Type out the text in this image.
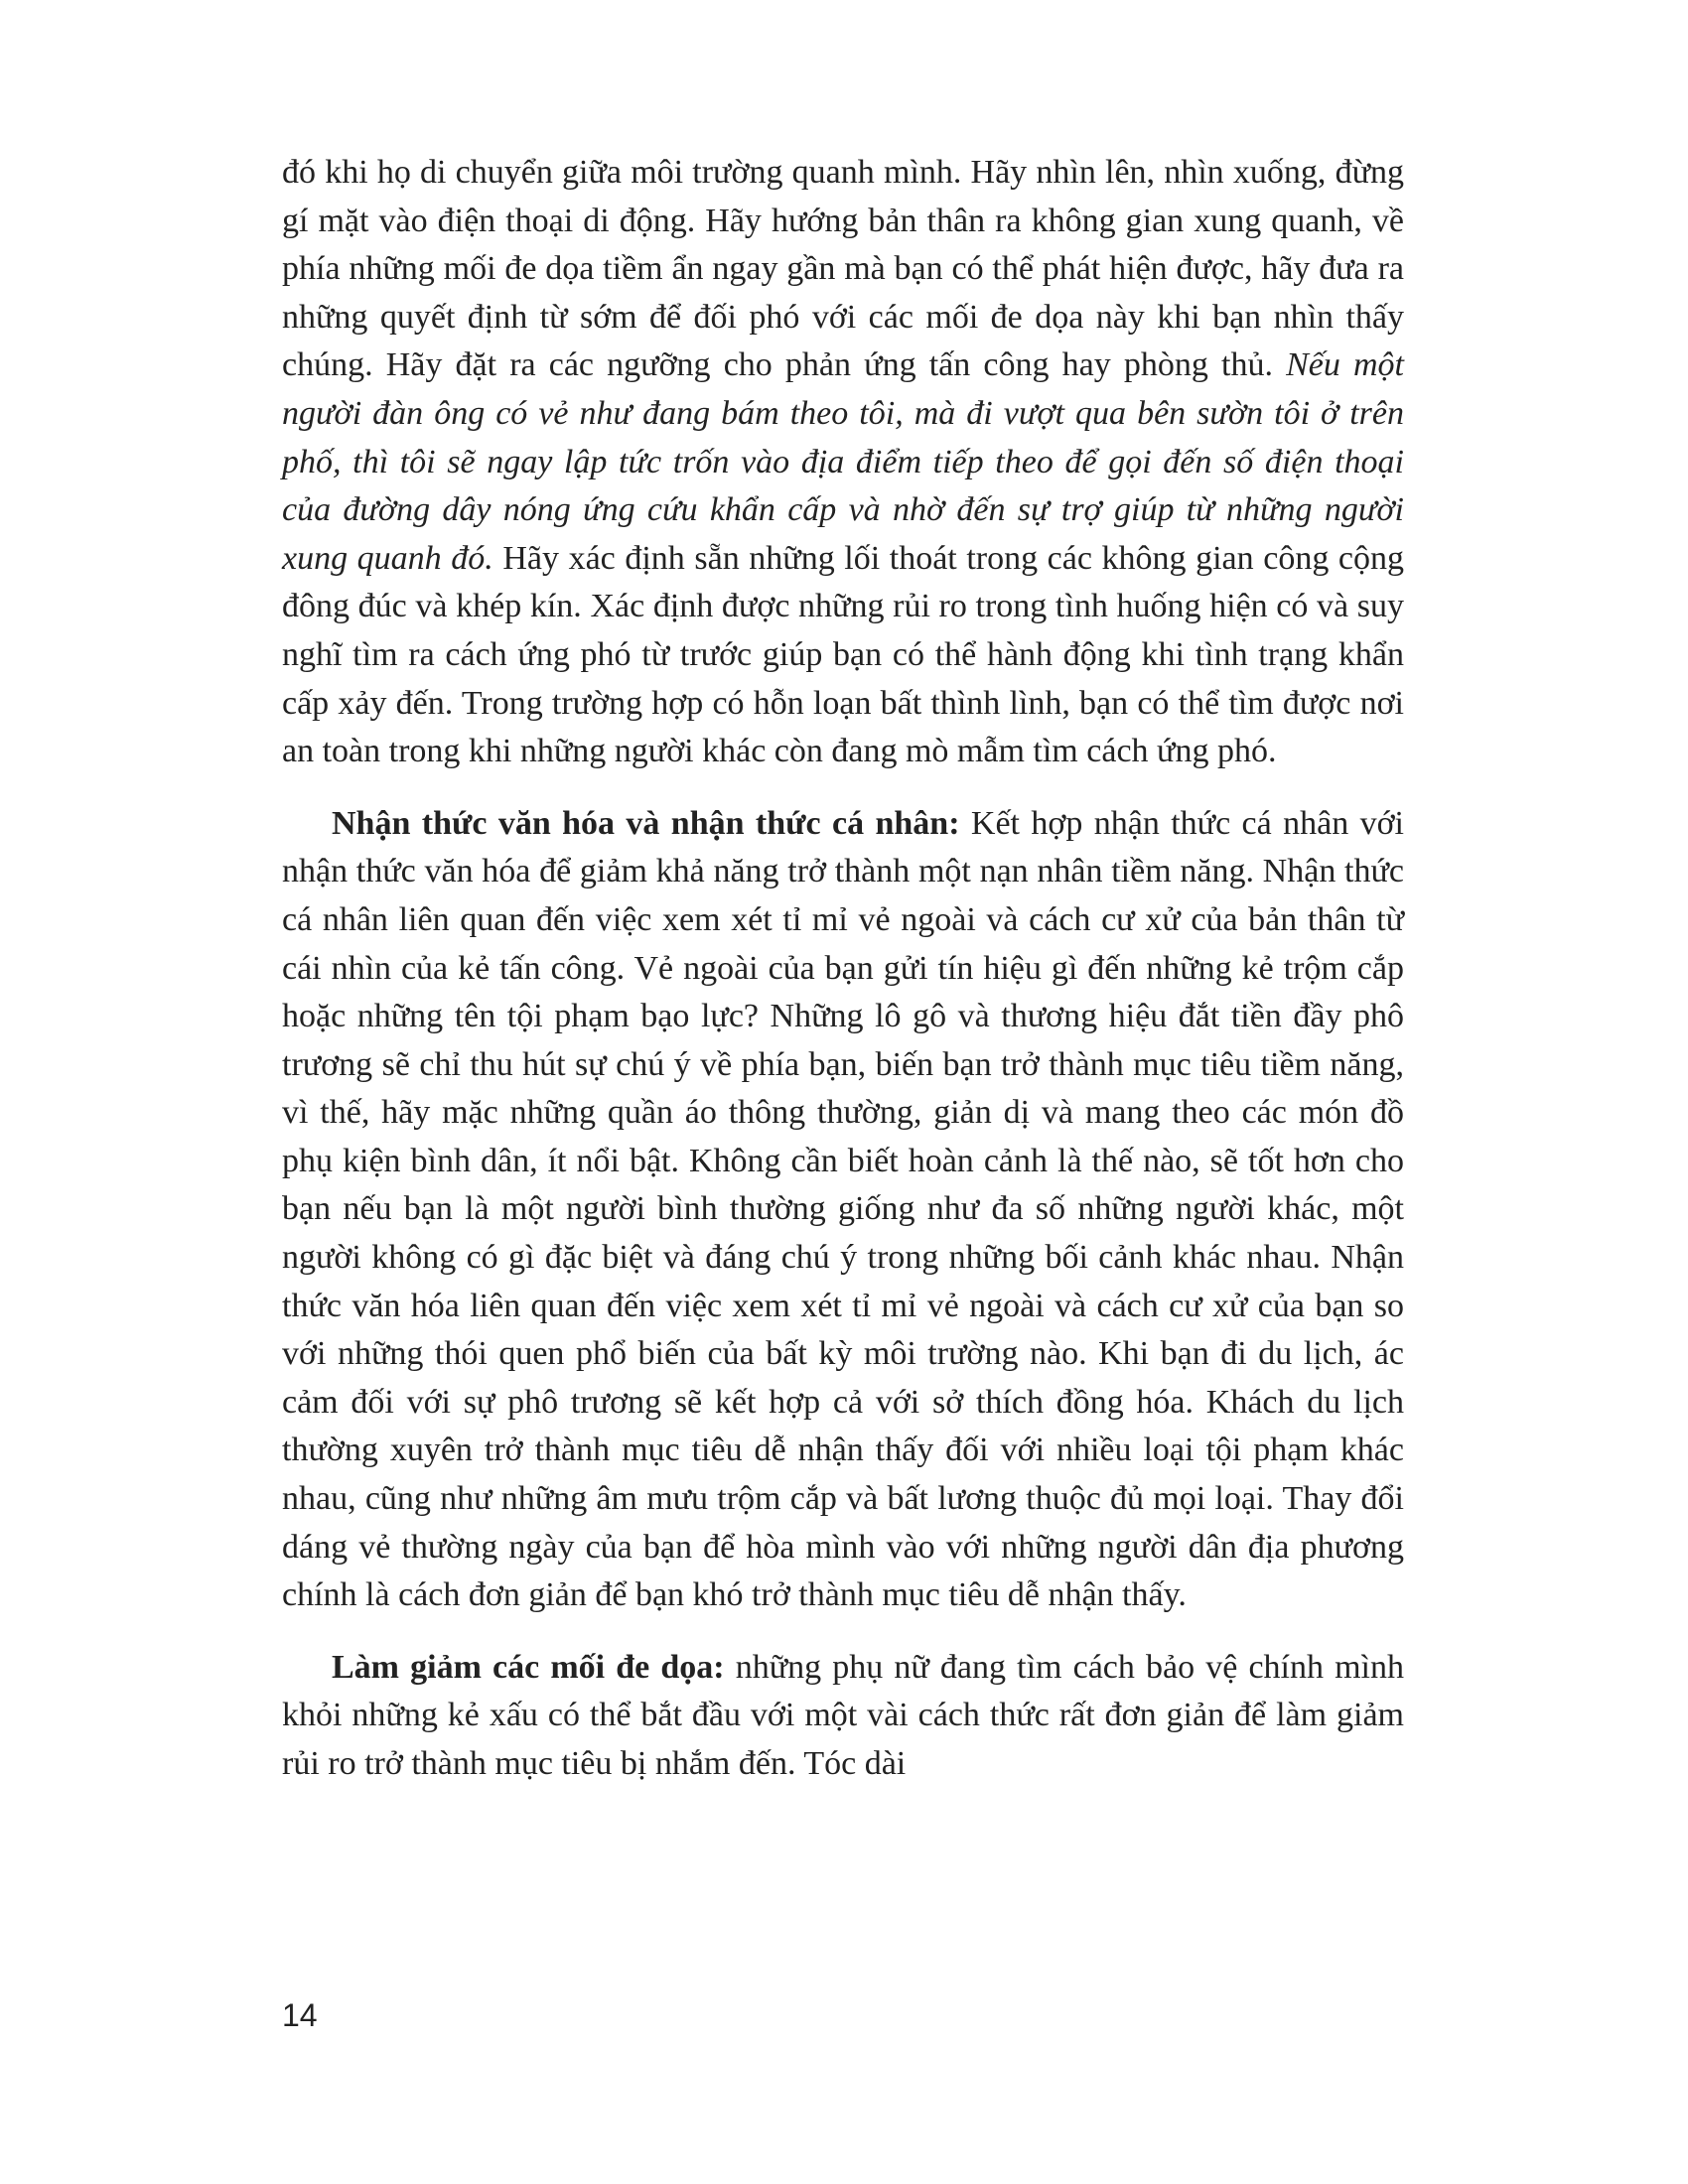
đó khi họ di chuyển giữa môi trường quanh mình. Hãy nhìn lên, nhìn xuống, đừng gí mặt vào điện thoại di động. Hãy hướng bản thân ra không gian xung quanh, về phía những mối đe dọa tiềm ẩn ngay gần mà bạn có thể phát hiện được, hãy đưa ra những quyết định từ sớm để đối phó với các mối đe dọa này khi bạn nhìn thấy chúng. Hãy đặt ra các ngưỡng cho phản ứng tấn công hay phòng thủ. Nếu một người đàn ông có vẻ như đang bám theo tôi, mà đi vượt qua bên sườn tôi ở trên phố, thì tôi sẽ ngay lập tức trốn vào địa điểm tiếp theo để gọi đến số điện thoại của đường dây nóng ứng cứu khẩn cấp và nhờ đến sự trợ giúp từ những người xung quanh đó. Hãy xác định sẵn những lối thoát trong các không gian công cộng đông đúc và khép kín. Xác định được những rủi ro trong tình huống hiện có và suy nghĩ tìm ra cách ứng phó từ trước giúp bạn có thể hành động khi tình trạng khẩn cấp xảy đến. Trong trường hợp có hỗn loạn bất thình lình, bạn có thể tìm được nơi an toàn trong khi những người khác còn đang mò mẫm tìm cách ứng phó.

Nhận thức văn hóa và nhận thức cá nhân: Kết hợp nhận thức cá nhân với nhận thức văn hóa để giảm khả năng trở thành một nạn nhân tiềm năng. Nhận thức cá nhân liên quan đến việc xem xét tỉ mỉ vẻ ngoài và cách cư xử của bản thân từ cái nhìn của kẻ tấn công. Vẻ ngoài của bạn gửi tín hiệu gì đến những kẻ trộm cắp hoặc những tên tội phạm bạo lực? Những lô gô và thương hiệu đắt tiền đầy phô trương sẽ chỉ thu hút sự chú ý về phía bạn, biến bạn trở thành mục tiêu tiềm năng, vì thế, hãy mặc những quần áo thông thường, giản dị và mang theo các món đồ phụ kiện bình dân, ít nổi bật. Không cần biết hoàn cảnh là thế nào, sẽ tốt hơn cho bạn nếu bạn là một người bình thường giống như đa số những người khác, một người không có gì đặc biệt và đáng chú ý trong những bối cảnh khác nhau. Nhận thức văn hóa liên quan đến việc xem xét tỉ mỉ vẻ ngoài và cách cư xử của bạn so với những thói quen phổ biến của bất kỳ môi trường nào. Khi bạn đi du lịch, ác cảm đối với sự phô trương sẽ kết hợp cả với sở thích đồng hóa. Khách du lịch thường xuyên trở thành mục tiêu dễ nhận thấy đối với nhiều loại tội phạm khác nhau, cũng như những âm mưu trộm cắp và bất lương thuộc đủ mọi loại. Thay đổi dáng vẻ thường ngày của bạn để hòa mình vào với những người dân địa phương chính là cách đơn giản để bạn khó trở thành mục tiêu dễ nhận thấy.

Làm giảm các mối đe dọa: những phụ nữ đang tìm cách bảo vệ chính mình khỏi những kẻ xấu có thể bắt đầu với một vài cách thức rất đơn giản để làm giảm rủi ro trở thành mục tiêu bị nhắm đến. Tóc dài

14
